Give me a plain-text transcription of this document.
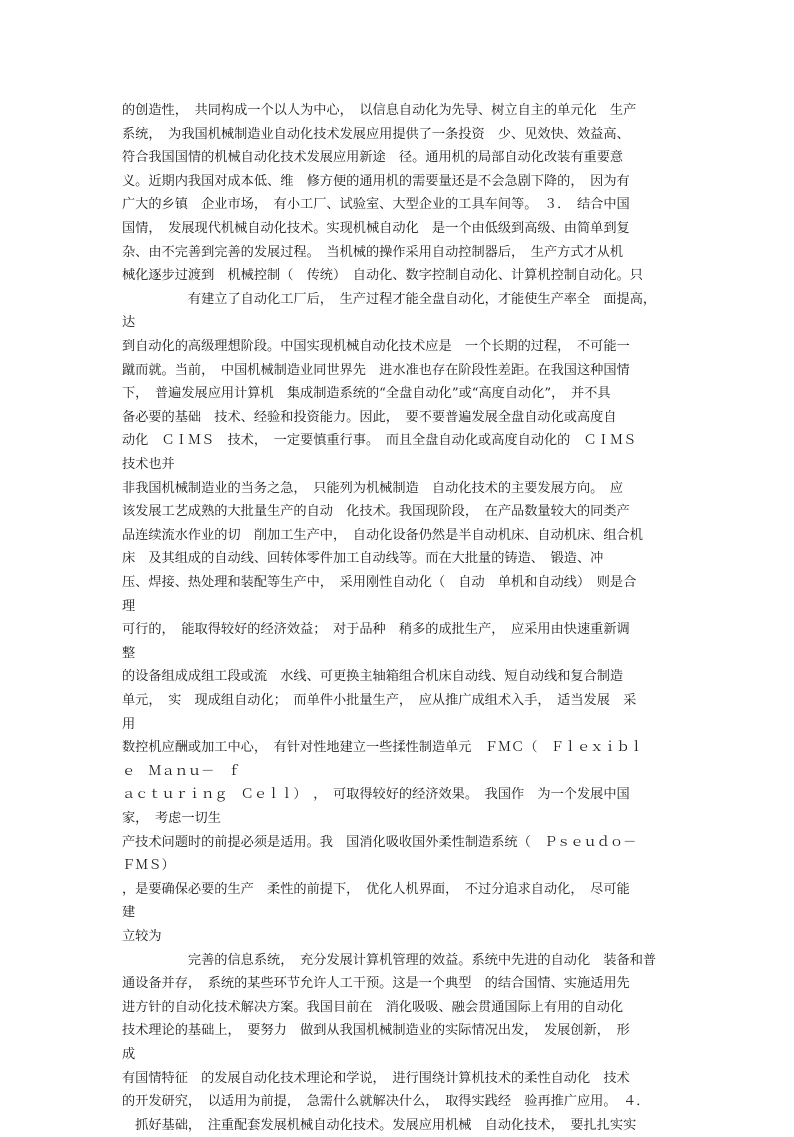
的创造性，　共同构成一个以人为中心，　以信息自动化为先导、树立自主的单元化　生产
系统，　为我国机械制造业自动化技术发展应用提供了一条投资　少、见效快、效益高、
符合我国国情的机械自动化技术发展应用新途　径。通用机的局部自动化改装有重要意
义。近期内我国对成本低、维　修方便的通用机的需要量还是不会急剧下降的，　因为有
广大的乡镇　企业市场，　有小工厂、试验室、大型企业的工具车间等。　３．　结合中国
国情，　发展现代机械自动化技术。实现机械自动化　是一个由低级到高级、由简单到复
杂、由不完善到完善的发展过程。　当机械的操作采用自动控制器后，　生产方式才从机
械化逐步过渡到　机械控制（　传统）　自动化、数字控制自动化、计算机控制自动化。只
　　　　　有建立了自动化工厂后，　生产过程才能全盘自动化，才能使生产率全　面提高，
达
到自动化的高级理想阶段。中国实现机械自动化技术应是　一个长期的过程，　不可能一
蹴而就。当前，　中国机械制造业同世界先　进水准也存在阶段性差距。在我国这种国情
下，　普遍发展应用计算机　集成制造系统的“全盘自动化”或“高度自动化”，　并不具
备必要的基础　技术、经验和投资能力。因此，　要不要普遍发展全盘自动化或高度自
动化　ＣＩＭＳ　技术，　一定要慎重行事。　而且全盘自动化或高度自动化的　ＣＩＭＳ
技术也并
非我国机械制造业的当务之急，　只能列为机械制造　自动化技术的主要发展方向。　应
该发展工艺成熟的大批量生产的自动　化技术。我国现阶段，　在产品数量较大的同类产
品连续流水作业的切　削加工生产中，　自动化设备仍然是半自动机床、自动机床、组合机
床　及其组成的自动线、回转体零件加工自动线等。而在大批量的铸造、　锻造、冲
压、焊接、热处理和装配等生产中，　采用刚性自动化（　自动　单机和自动线）　则是合
理
可行的，　能取得较好的经济效益；　对于品种　稍多的成批生产，　应采用由快速重新调
整
的设备组成成组工段或流　水线、可更换主轴箱组合机床自动线、短自动线和复合制造
单元，　实　现成组自动化；　而单件小批量生产，　应从推广成组术入手，　适当发展　采
用
数控机应酬或加工中心，　有针对性地建立一些揉性制造单元　ＦＭＣ（　Ｆｌｅｘｉｂｌ
ｅ　Ｍａｎｕ－　ｆ
ａｃｔｕｒｉｎｇ　Ｃｅｌｌ）　，　可取得较好的经济效果。　我国作　为一个发展中国
家，　考虑一切生
产技术问题时的前提必须是适用。我　国消化吸收国外柔性制造系统（　Ｐｓｅｕｄｏ－
ＦＭＳ）
，是要确保必要的生产　柔性的前提下，　优化人机界面，　不过分追求自动化，　尽可能
建
立较为
　　　　　完善的信息系统，　充分发展计算机管理的效益。系统中先进的自动化　装备和普
通设备并存，　系统的某些环节允许人工干预。这是一个典型　的结合国情、实施适用先
进方针的自动化技术解决方案。我国目前在　消化吸吸、融会贯通国际上有用的自动化
技术理论的基础上，　要努力　做到从我国机械制造业的实际情况出发，　发展创新，　形
成
有国情特征　的发展自动化技术理论和学说，　进行围绕计算机技术的柔性自动化　技术
的开发研究，　以适用为前提，　急需什么就解决什么，　取得实践经　验再推广应用。　４．
　抓好基础，　注重配套发展机械自动化技术。发展应用机械　自动化技术，　要扎扎实实
